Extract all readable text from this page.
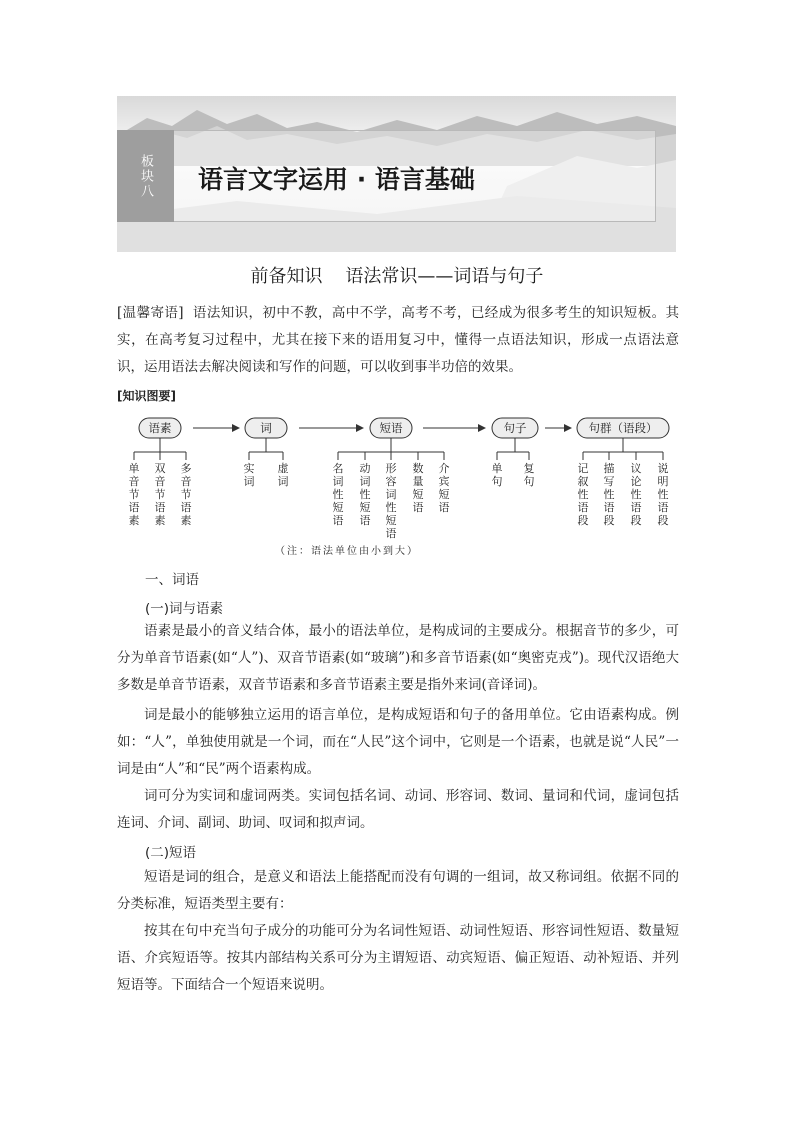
板块八 语言文字运用 · 语言基础
前备知识    语法常识——词语与句子

[温馨寄语] 语法知识，初中不教，高中不学，高考不考，已经成为很多考生的知识短板。其实，在高考复习过程中，尤其在接下来的语用复习中，懂得一点语法知识，形成一点语法意识，运用语法去解决阅读和写作的问题，可以收到事半功倍的效果。

[知识图要]
语素	词	短语	句子	句群（语段）
单音节语素
双音节语素
多音节语素
实词
虚词
名词性短语
动词性短语
形容词性短语
数量短语
介宾短语
单句
复句
记叙性语段
描写性语段
议论性语段
说明性语段
（注：语法单位由小到大）
一、词语
(一)词与语素

语素是最小的音义结合体，最小的语法单位，是构成词的主要成分。根据音节的多少，可分为单音节语素(如“人”)、双音节语素(如“玻璃”)和多音节语素(如“奥密克戎”)。现代汉语绝大多数是单音节语素，双音节语素和多音节语素主要是指外来词(音译词)。

词是最小的能够独立运用的语言单位，是构成短语和句子的备用单位。它由语素构成。例如：“人”，单独使用就是一个词，而在“人民”这个词中，它则是一个语素，也就是说“人民”一词是由“人”和“民”两个语素构成。

词可分为实词和虚词两类。实词包括名词、动词、形容词、数词、量词和代词，虚词包括连词、介词、副词、助词、叹词和拟声词。

(二)短语

短语是词的组合，是意义和语法上能搭配而没有句调的一组词，故又称词组。依据不同的分类标准，短语类型主要有：

按其在句中充当句子成分的功能可分为名词性短语、动词性短语、形容词性短语、数量短语、介宾短语等。按其内部结构关系可分为主谓短语、动宾短语、偏正短语、动补短语、并列短语等。下面结合一个短语来说明。
